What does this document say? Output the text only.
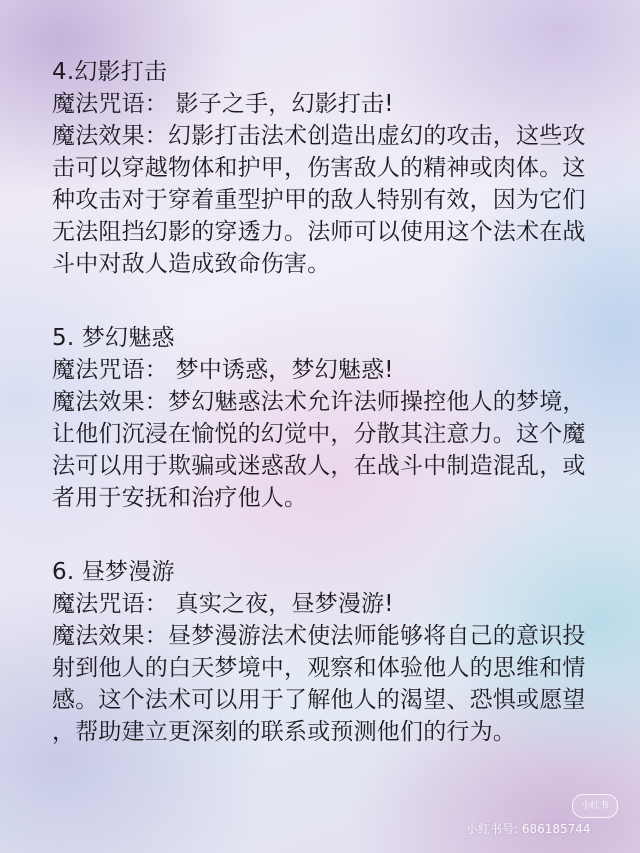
4.幻影打击
魔法咒语： 影子之手，幻影打击!
魔法效果：幻影打击法术创造出虚幻的攻击，这些攻
击可以穿越物体和护甲，伤害敌人的精神或肉体。这
种攻击对于穿着重型护甲的敌人特别有效，因为它们
无法阻挡幻影的穿透力。法师可以使用这个法术在战
斗中对敌人造成致命伤害。
5. 梦幻魅惑
魔法咒语： 梦中诱惑，梦幻魅惑!
魔法效果：梦幻魅惑法术允许法师操控他人的梦境，
让他们沉浸在愉悦的幻觉中，分散其注意力。这个魔
法可以用于欺骗或迷惑敌人，在战斗中制造混乱，或
者用于安抚和治疗他人。
6. 昼梦漫游
魔法咒语： 真实之夜，昼梦漫游!
魔法效果：昼梦漫游法术使法师能够将自己的意识投
射到他人的白天梦境中，观察和体验他人的思维和情
感。这个法术可以用于了解他人的渴望、恐惧或愿望
，帮助建立更深刻的联系或预测他们的行为。
小红书
小红书号: 686185744
